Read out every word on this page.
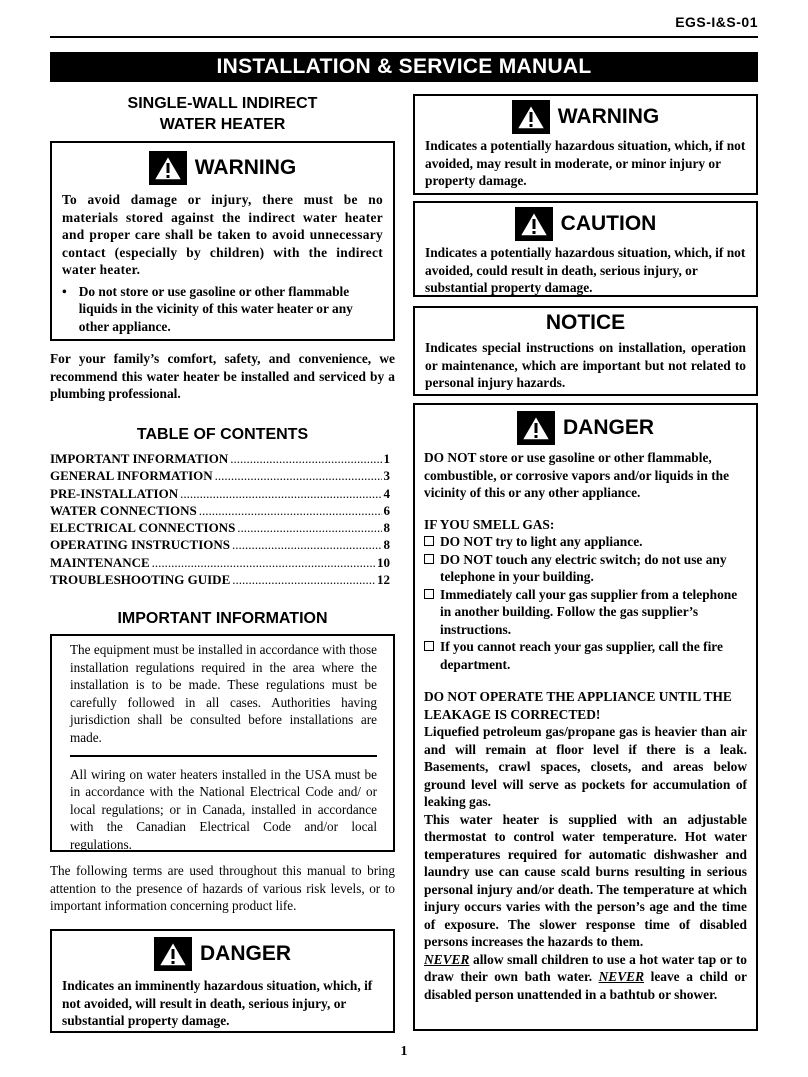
EGS-I&S-01
INSTALLATION & SERVICE MANUAL
SINGLE-WALL INDIRECT
WATER HEATER
WARNING
To avoid damage or injury, there must be no materials stored against the indirect water heater and proper care shall be taken to avoid unnecessary contact (especially by children) with the indirect water heater.
• Do not store or use gasoline or other flammable liquids in the vicinity of this water heater or any other appliance.
For your family’s comfort, safety, and convenience, we recommend this water heater be installed and serviced by a plumbing professional.
TABLE OF CONTENTS
IMPORTANT INFORMATION .....	1
GENERAL INFORMATION .....	3
PRE-INSTALLATION .....	4
WATER CONNECTIONS .....	6
ELECTRICAL CONNECTIONS .....	8
OPERATING INSTRUCTIONS .....	8
MAINTENANCE .....	10
TROUBLESHOOTING GUIDE .....	12
IMPORTANT INFORMATION
The equipment must be installed in accordance with those installation regulations required in the area where the installation is to be made. These regulations must be carefully followed in all cases. Authorities having jurisdiction shall be consulted before installations are made.
All wiring on water heaters installed in the USA must be in accordance with the National Electrical Code and/ or local regulations; or in Canada, installed in accordance with the Canadian Electrical Code and/or local regulations.
The following terms are used throughout this manual to bring attention to the presence of hazards of various risk levels, or to important information concerning product life.
DANGER
Indicates an imminently hazardous situation, which, if not avoided, will result in death, serious injury, or substantial property damage.
WARNING
Indicates a potentially hazardous situation, which, if not avoided, may result in moderate, or minor injury or property damage.
CAUTION
Indicates a potentially hazardous situation, which, if not avoided, could result in death, serious injury, or substantial property damage.
NOTICE
Indicates special instructions on installation, operation or maintenance, which are important but not related to personal injury hazards.
DANGER
DO NOT store or use gasoline or other flammable, combustible, or corrosive vapors and/or liquids in the vicinity of this or any other appliance.
IF YOU SMELL GAS:
DO NOT try to light any appliance.
DO NOT touch any electric switch; do not use any telephone in your building.
Immediately call your gas supplier from a telephone in another building. Follow the gas supplier’s instructions.
If you cannot reach your gas supplier, call the fire department.
DO NOT OPERATE THE APPLIANCE UNTIL THE LEAKAGE IS CORRECTED!
Liquefied petroleum gas/propane gas is heavier than air and will remain at floor level if there is a leak. Basements, crawl spaces, closets, and areas below ground level will serve as pockets for accumulation of leaking gas.
This water heater is supplied with an adjustable thermostat to control water temperature. Hot water temperatures required for automatic dishwasher and laundry use can cause scald burns resulting in serious personal injury and/or death. The temperature at which injury occurs varies with the person’s age and the time of exposure. The slower response time of disabled persons increases the hazards to them.
NEVER allow small children to use a hot water tap or to draw their own bath water. NEVER leave a child or disabled person unattended in a bathtub or shower.
1
